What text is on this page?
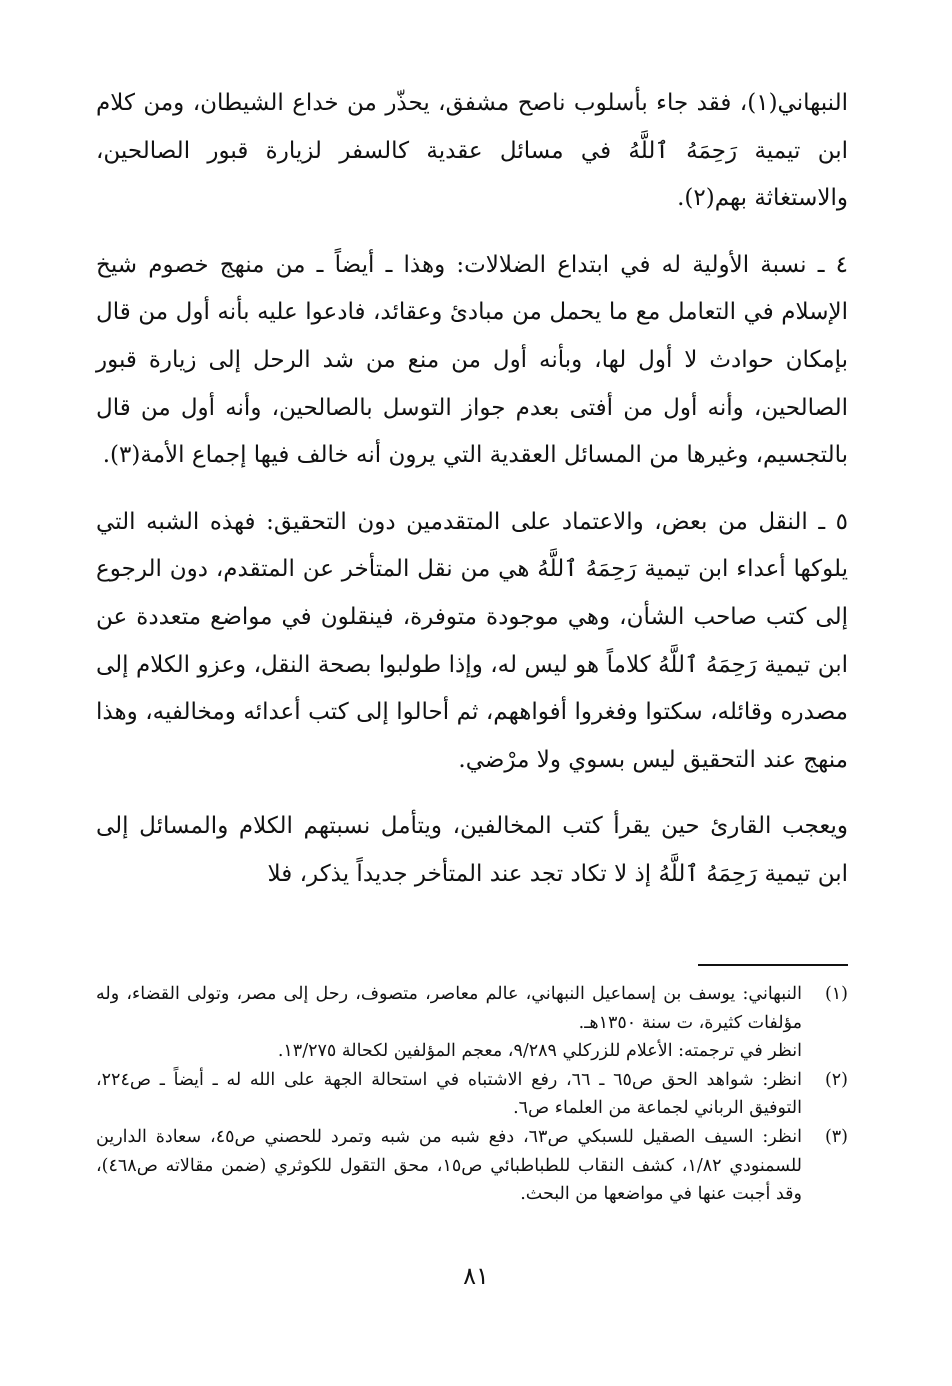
النبهاني(١)، فقد جاء بأسلوب ناصح مشفق، يحذّر من خداع الشيطان، ومن كلام ابن تيمية رَحِمَهُ ٱللَّهُ في مسائل عقدية كالسفر لزيارة قبور الصالحين، والاستغاثة بهم(٢).

٤ ـ نسبة الأولية له في ابتداع الضلالات: وهذا ـ أيضاً ـ من منهج خصوم شيخ الإسلام في التعامل مع ما يحمل من مبادئ وعقائد، فادعوا عليه بأنه أول من قال بإمكان حوادث لا أول لها، وبأنه أول من منع من شد الرحل إلى زيارة قبور الصالحين، وأنه أول من أفتى بعدم جواز التوسل بالصالحين، وأنه أول من قال بالتجسيم، وغيرها من المسائل العقدية التي يرون أنه خالف فيها إجماع الأمة(٣).

٥ ـ النقل من بعض، والاعتماد على المتقدمين دون التحقيق: فهذه الشبه التي يلوكها أعداء ابن تيمية رَحِمَهُ ٱللَّهُ هي من نقل المتأخر عن المتقدم، دون الرجوع إلى كتب صاحب الشأن، وهي موجودة متوفرة، فينقلون في مواضع متعددة عن ابن تيمية رَحِمَهُ ٱللَّهُ كلاماً هو ليس له، وإذا طولبوا بصحة النقل، وعزو الكلام إلى مصدره وقائله، سكتوا وفغروا أفواههم، ثم أحالوا إلى كتب أعدائه ومخالفيه، وهذا منهج عند التحقيق ليس بسوي ولا مرْضي.

ويعجب القارئ حين يقرأ كتب المخالفين، ويتأمل نسبتهم الكلام والمسائل إلى ابن تيمية رَحِمَهُ ٱللَّهُ إذ لا تكاد تجد عند المتأخر جديداً يذكر، فلا

(١)
النبهاني: يوسف بن إسماعيل النبهاني، عالم معاصر، متصوف، رحل إلى مصر، وتولى القضاء، وله مؤلفات كثيرة، ت سنة ١٣٥٠هـ.
انظر في ترجمته: الأعلام للزركلي ٩/٢٨٩، معجم المؤلفين لكحالة ١٣/٢٧٥.
(٢)
انظر: شواهد الحق ص٦٥ ـ ٦٦، رفع الاشتباه في استحالة الجهة على الله له ـ أيضاً ـ ص٢٢٤، التوفيق الرباني لجماعة من العلماء ص٦.
(٣)
انظر: السيف الصقيل للسبكي ص٦٣، دفع شبه من شبه وتمرد للحصني ص٤٥، سعادة الدارين للسمنودي ١/٨٢، كشف النقاب للطباطبائي ص١٥، محق التقول للكوثري (ضمن مقالاته ص٤٦٨)، وقد أجبت عنها في مواضعها من البحث.
٨١
